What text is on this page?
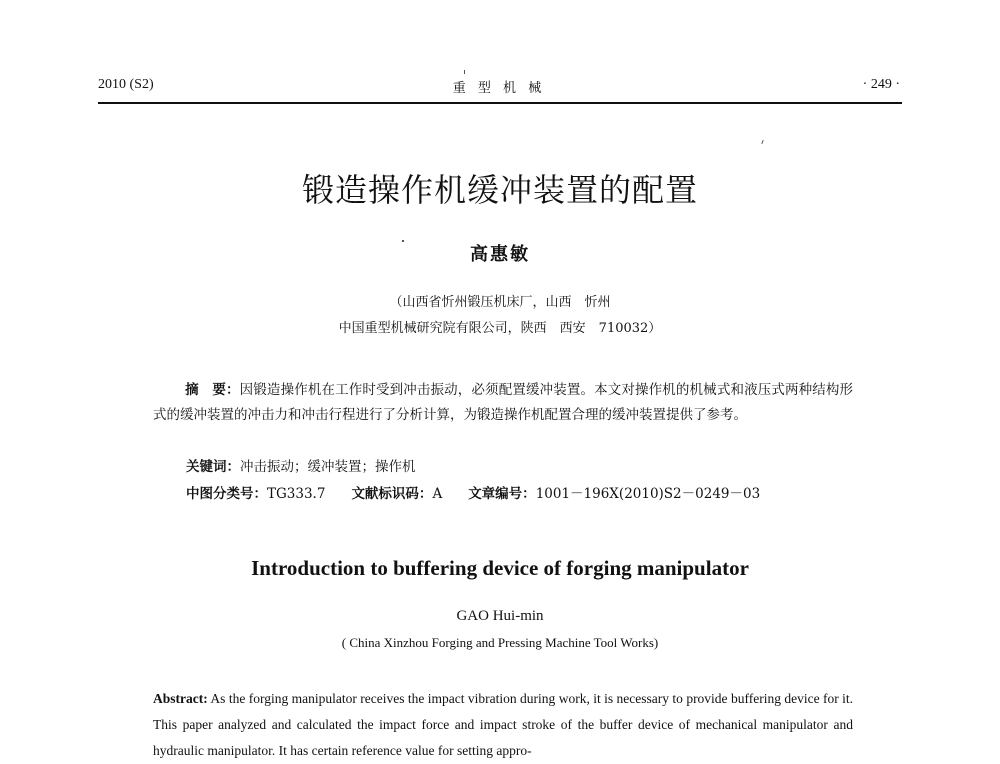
2010 (S2)	重 型 机 械	· 249 ·
锻造操作机缓冲装置的配置
高惠敏
（山西省忻州锻压机床厂，山西　忻州
中国重型机械研究院有限公司，陕西　西安　710032）
摘　要：因锻造操作机在工作时受到冲击振动，必须配置缓冲装置。本文对操作机的机械式和液压式两种结构形式的缓冲装置的冲击力和冲击行程进行了分析计算，为锻造操作机配置合理的缓冲装置提供了参考。
关键词：冲击振动；缓冲装置；操作机
中图分类号：TG333.7 文献标识码：A 文章编号：1001－196X(2010)S2－0249－03
Introduction to buffering device of forging manipulator
GAO Hui-min
( China Xinzhou Forging and Pressing Machine Tool Works)
Abstract: As the forging manipulator receives the impact vibration during work, it is necessary to provide buffering device for it. This paper analyzed and calculated the impact force and impact stroke of the buffer device of mechanical manipulator and hydraulic manipulator. It has certain reference value for setting appro-
